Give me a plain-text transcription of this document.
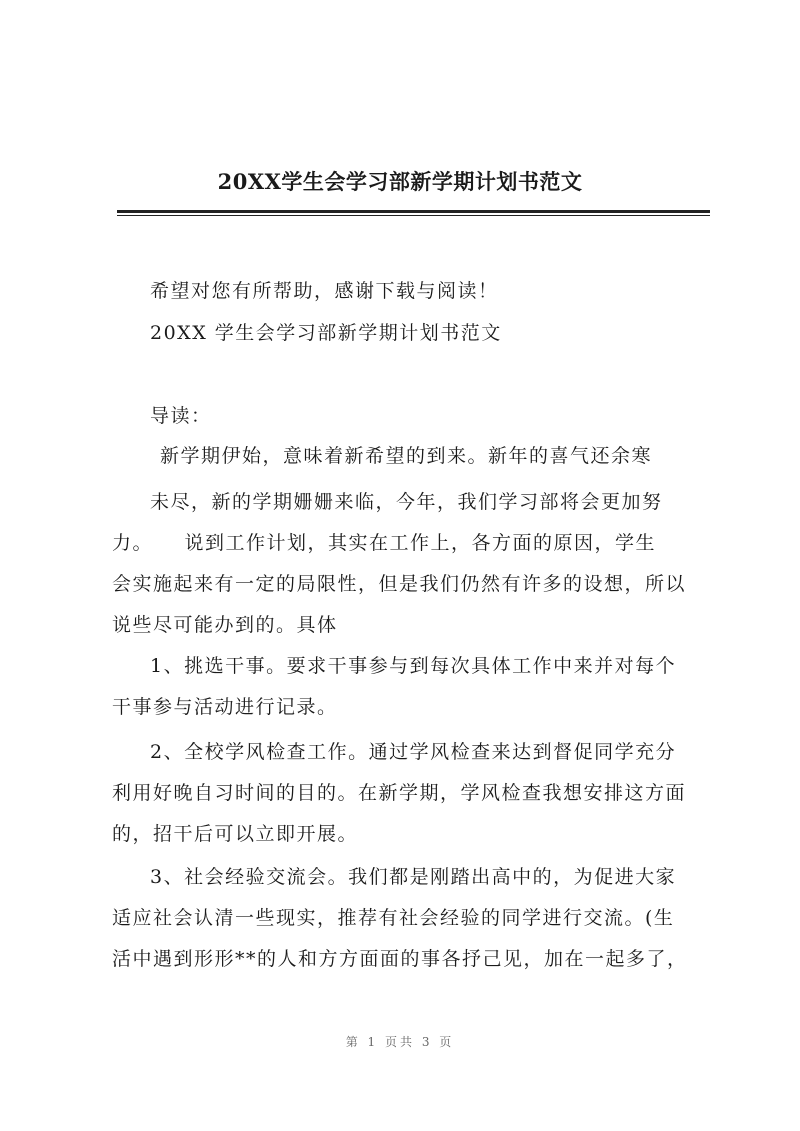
20XX学生会学习部新学期计划书范文
希望对您有所帮助，感谢下载与阅读！
20XX 学生会学习部新学期计划书范文
导读：
新学期伊始，意味着新希望的到来。新年的喜气还余寒
未尽，新的学期姗姗来临，今年，我们学习部将会更加努
力。　　说到工作计划，其实在工作上，各方面的原因，学生
会实施起来有一定的局限性，但是我们仍然有许多的设想，所以
说些尽可能办到的。具体
1、挑选干事。要求干事参与到每次具体工作中来并对每个
干事参与活动进行记录。
2、全校学风检查工作。通过学风检查来达到督促同学充分
利用好晚自习时间的目的。在新学期，学风检查我想安排这方面
的，招干后可以立即开展。
3、社会经验交流会。我们都是刚踏出高中的，为促进大家
适应社会认清一些现实，推荐有社会经验的同学进行交流。(生
活中遇到形形**的人和方方面面的事各抒己见，加在一起多了，
第 1 页共 3 页
